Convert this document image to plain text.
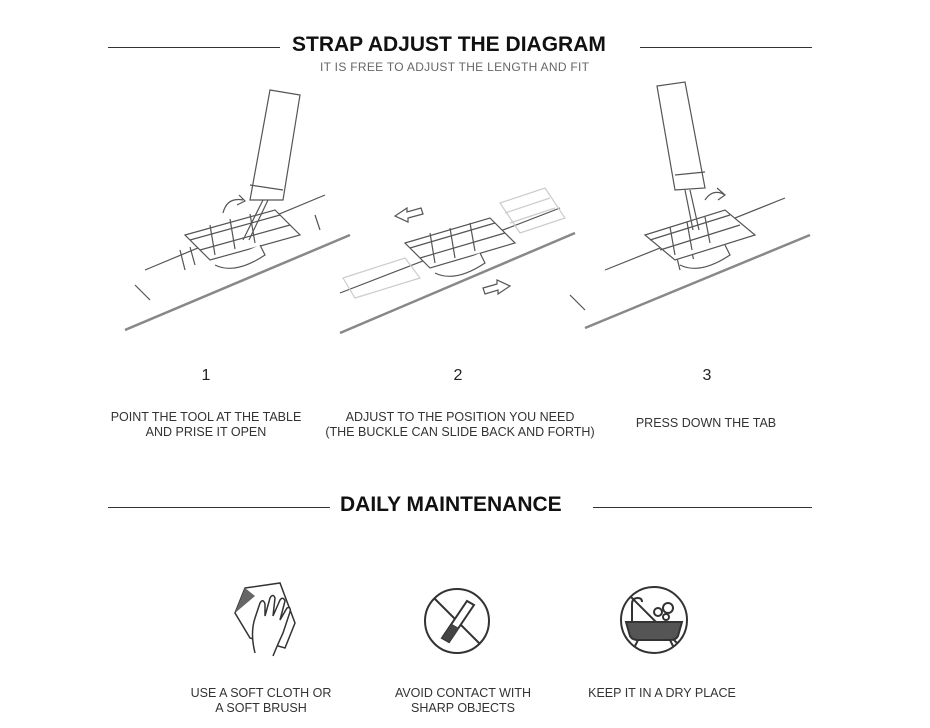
STRAP ADJUST THE DIAGRAM
IT IS FREE TO ADJUST THE LENGTH AND FIT
1	2	3
POINT THE TOOL AT THE TABLE
AND PRISE IT OPEN
ADJUST TO THE POSITION YOU NEED
(THE BUCKLE CAN SLIDE BACK AND FORTH)
PRESS DOWN THE TAB
DAILY MAINTENANCE
USE A SOFT CLOTH OR
A SOFT BRUSH
AVOID CONTACT WITH
SHARP OBJECTS
KEEP IT IN A DRY PLACE
